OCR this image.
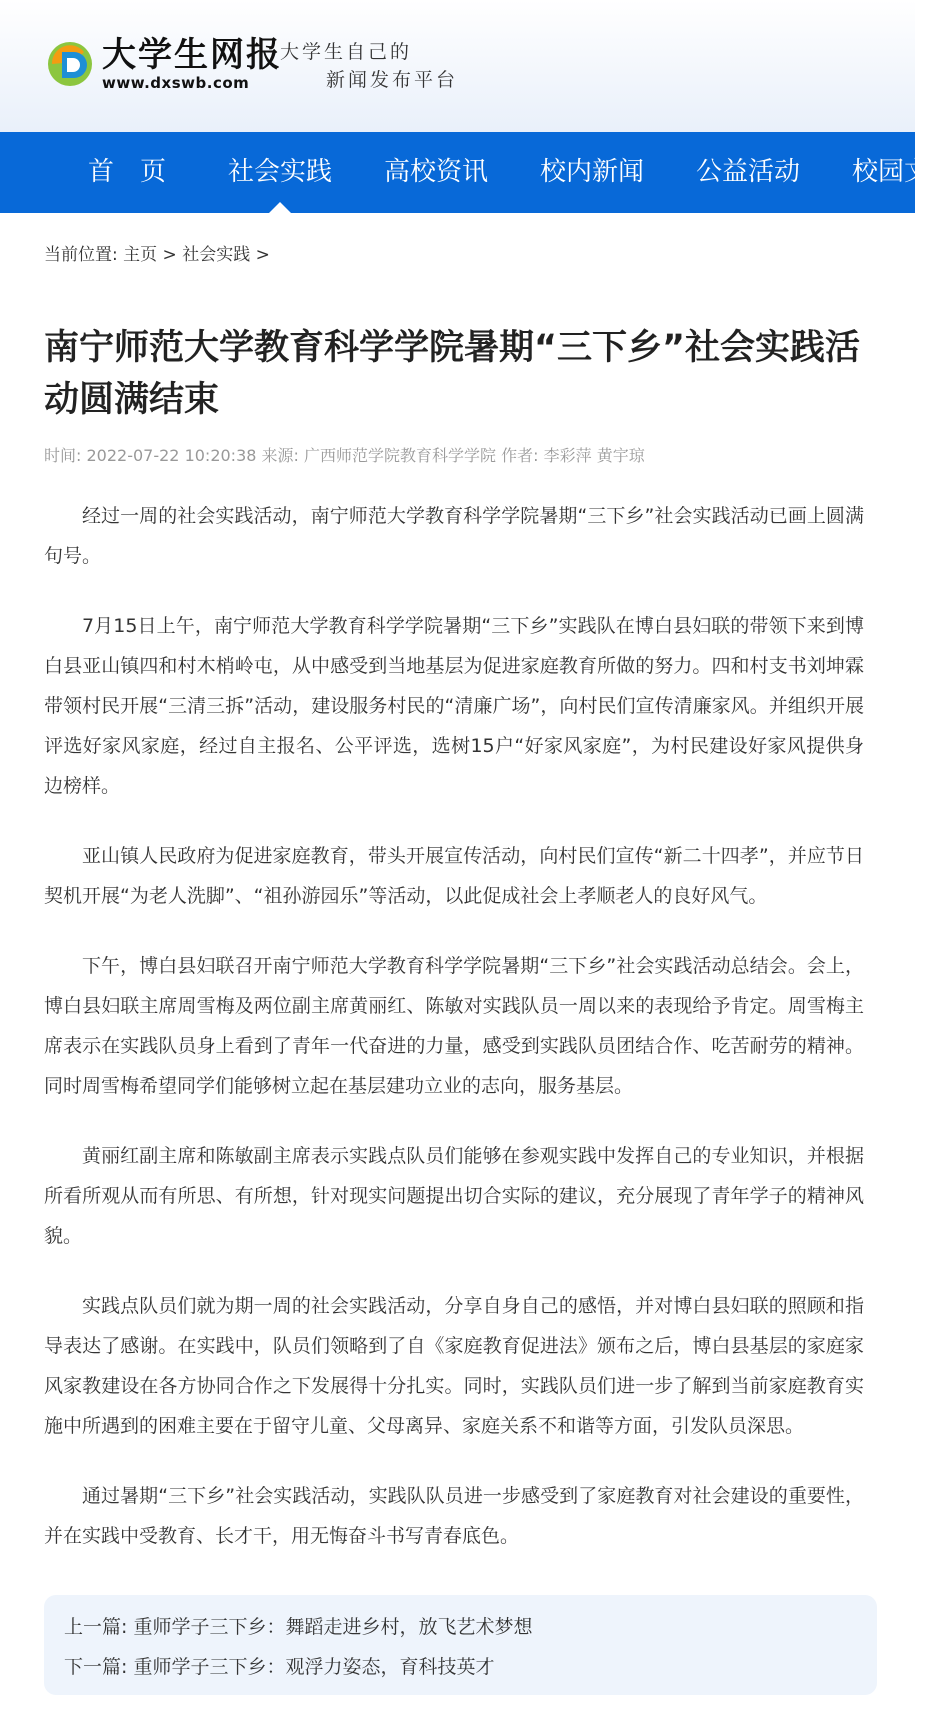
大学生网报
www.dxswb.com
大学生自己的
新闻发布平台
首　页 社会实践 高校资讯 校内新闻 公益活动 校园文
当前位置: 主页 > 社会实践 >
南宁师范大学教育科学学院暑期“三下乡”社会实践活动圆满结束
时间: 2022-07-22 10:20:38 来源: 广西师范学院教育科学学院 作者: 李彩萍 黄宇琼

经过一周的社会实践活动，南宁师范大学教育科学学院暑期“三下乡”社会实践活动已画上圆满句号。

7月15日上午，南宁师范大学教育科学学院暑期“三下乡”实践队在博白县妇联的带领下来到博白县亚山镇四和村木梢岭屯，从中感受到当地基层为促进家庭教育所做的努力。四和村支书刘坤霖带领村民开展“三清三拆”活动，建设服务村民的“清廉广场”，向村民们宣传清廉家风。并组织开展评选好家风家庭，经过自主报名、公平评选，选树15户“好家风家庭”，为村民建设好家风提供身边榜样。

亚山镇人民政府为促进家庭教育，带头开展宣传活动，向村民们宣传“新二十四孝”，并应节日契机开展“为老人洗脚”、“祖孙游园乐”等活动，以此促成社会上孝顺老人的良好风气。

下午，博白县妇联召开南宁师范大学教育科学学院暑期“三下乡”社会实践活动总结会。会上，博白县妇联主席周雪梅及两位副主席黄丽红、陈敏对实践队员一周以来的表现给予肯定。周雪梅主席表示在实践队员身上看到了青年一代奋进的力量，感受到实践队员团结合作、吃苦耐劳的精神。同时周雪梅希望同学们能够树立起在基层建功立业的志向，服务基层。

黄丽红副主席和陈敏副主席表示实践点队员们能够在参观实践中发挥自己的专业知识，并根据所看所观从而有所思、有所想，针对现实问题提出切合实际的建议，充分展现了青年学子的精神风貌。

实践点队员们就为期一周的社会实践活动，分享自身自己的感悟，并对博白县妇联的照顾和指导表达了感谢。在实践中，队员们领略到了自《家庭教育促进法》颁布之后，博白县基层的家庭家风家教建设在各方协同合作之下发展得十分扎实。同时，实践队员们进一步了解到当前家庭教育实施中所遇到的困难主要在于留守儿童、父母离异、家庭关系不和谐等方面，引发队员深思。

通过暑期“三下乡”社会实践活动，实践队队员进一步感受到了家庭教育对社会建设的重要性，并在实践中受教育、长才干，用无悔奋斗书写青春底色。

上一篇: 重师学子三下乡：舞蹈走进乡村，放飞艺术梦想
下一篇: 重师学子三下乡：观浮力姿态，育科技英才
